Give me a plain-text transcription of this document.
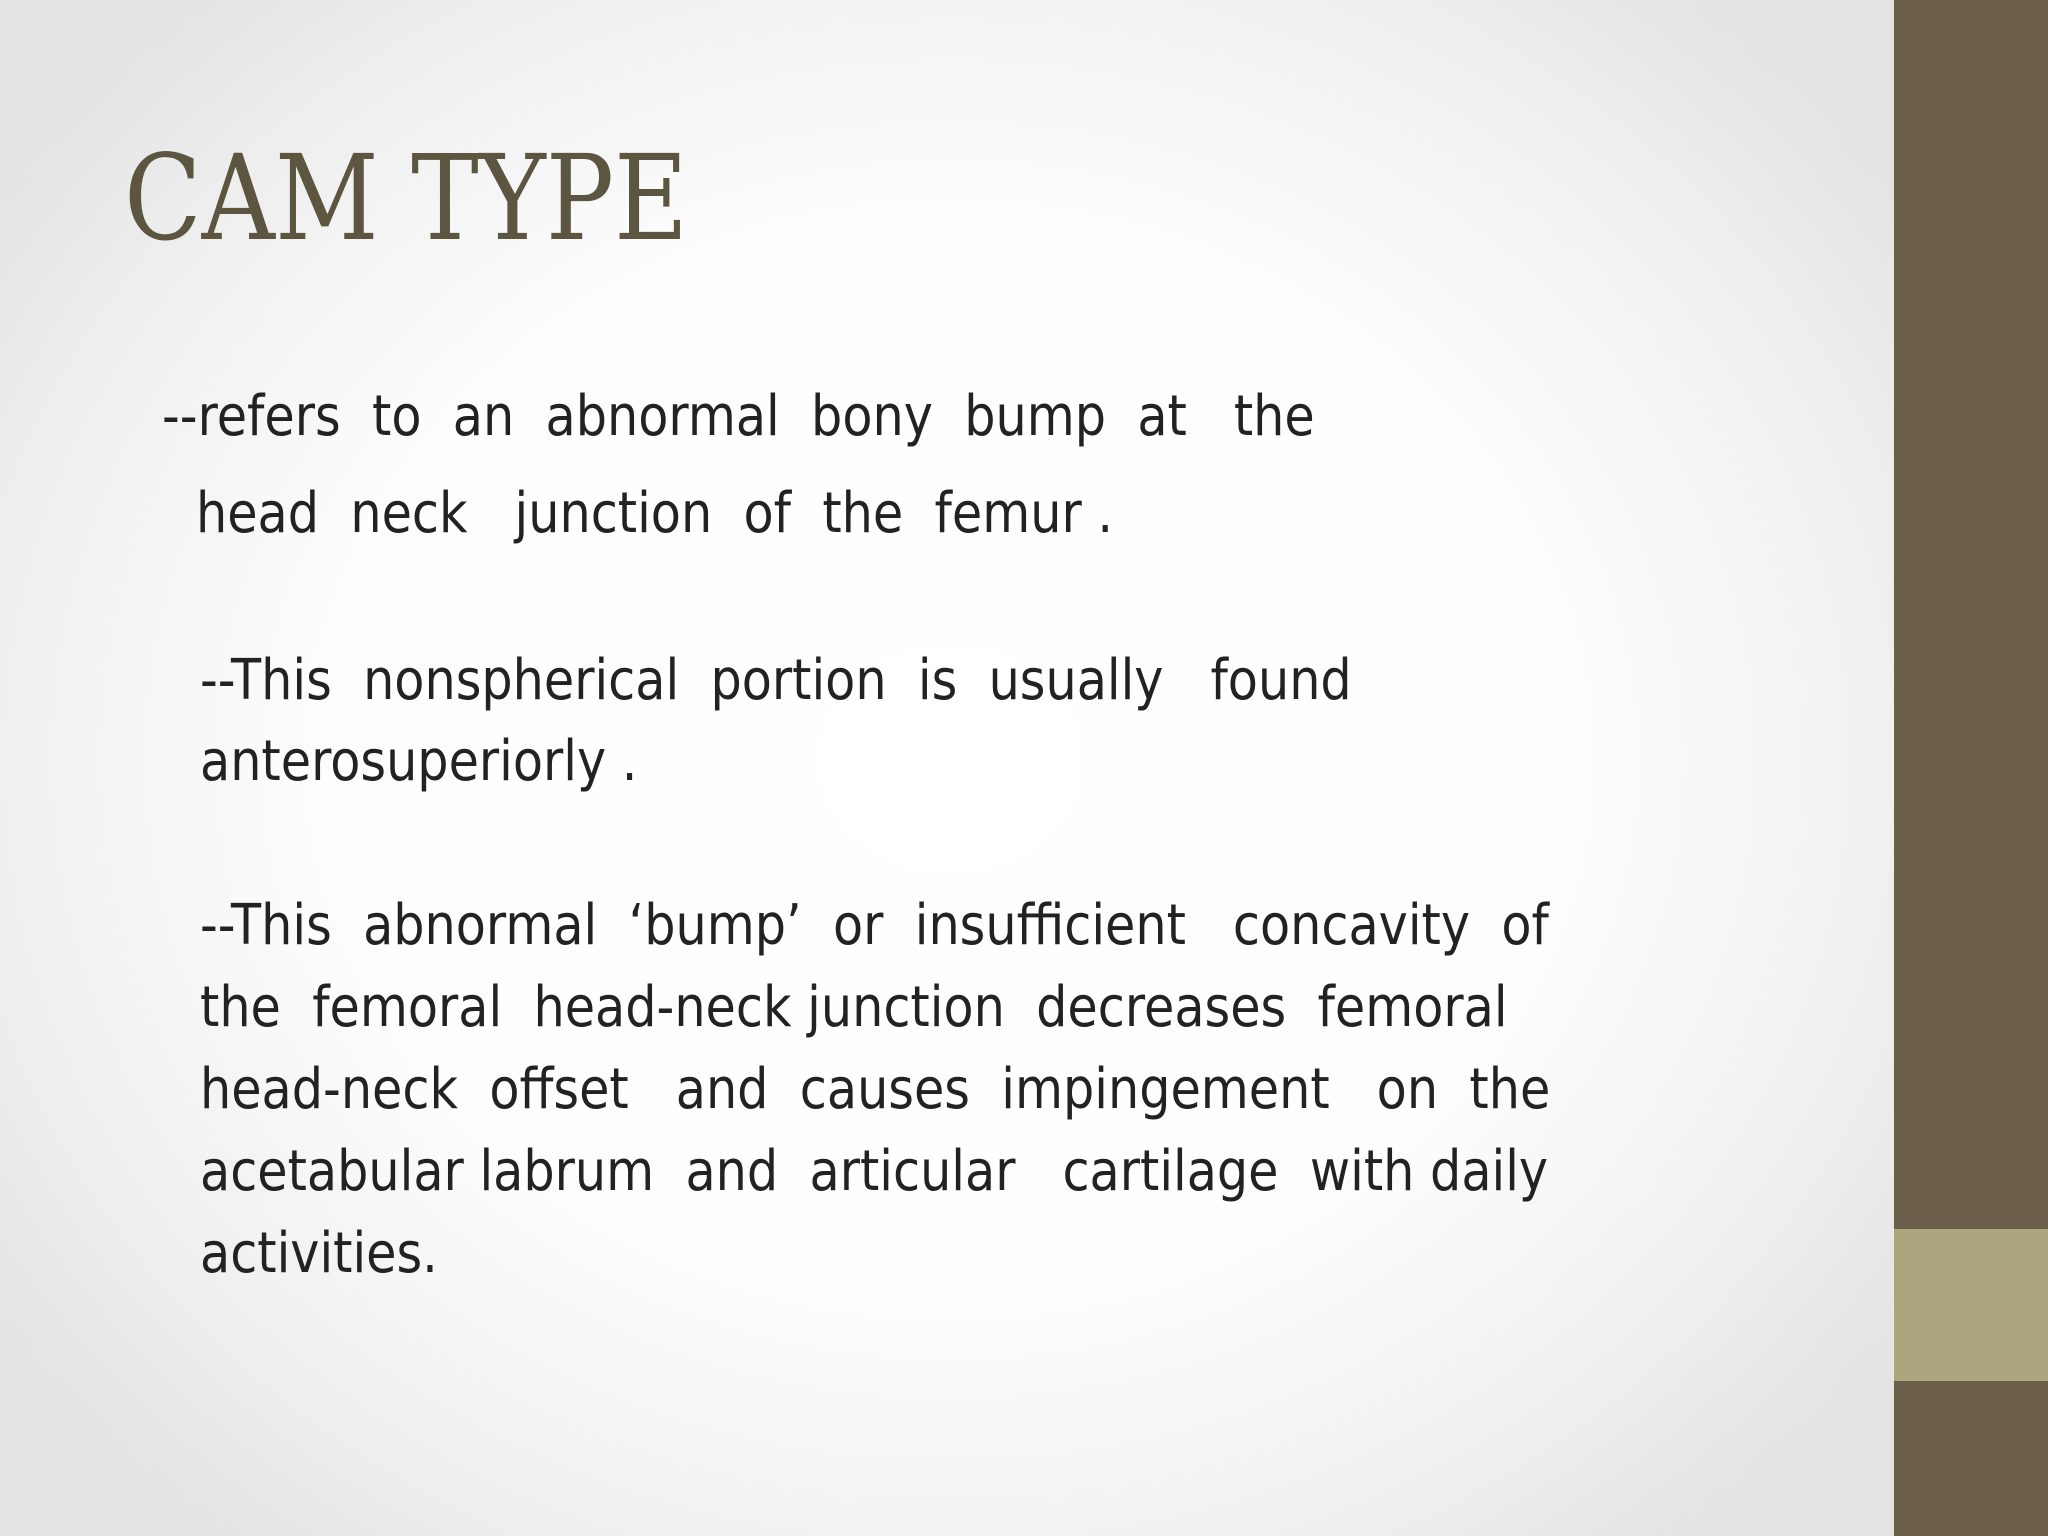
CAM TYPE

--refers  to  an  abnormal  bony  bump  at   the

head  neck   junction  of  the  femur .

--This  nonspherical  portion  is  usually   found

anterosuperiorly .

--This  abnormal  ‘bump’  or  insufficient   concavity  of

the  femoral  head-neck junction  decreases  femoral

head-neck  offset   and  causes  impingement   on  the

acetabular labrum  and  articular   cartilage  with daily

activities.
